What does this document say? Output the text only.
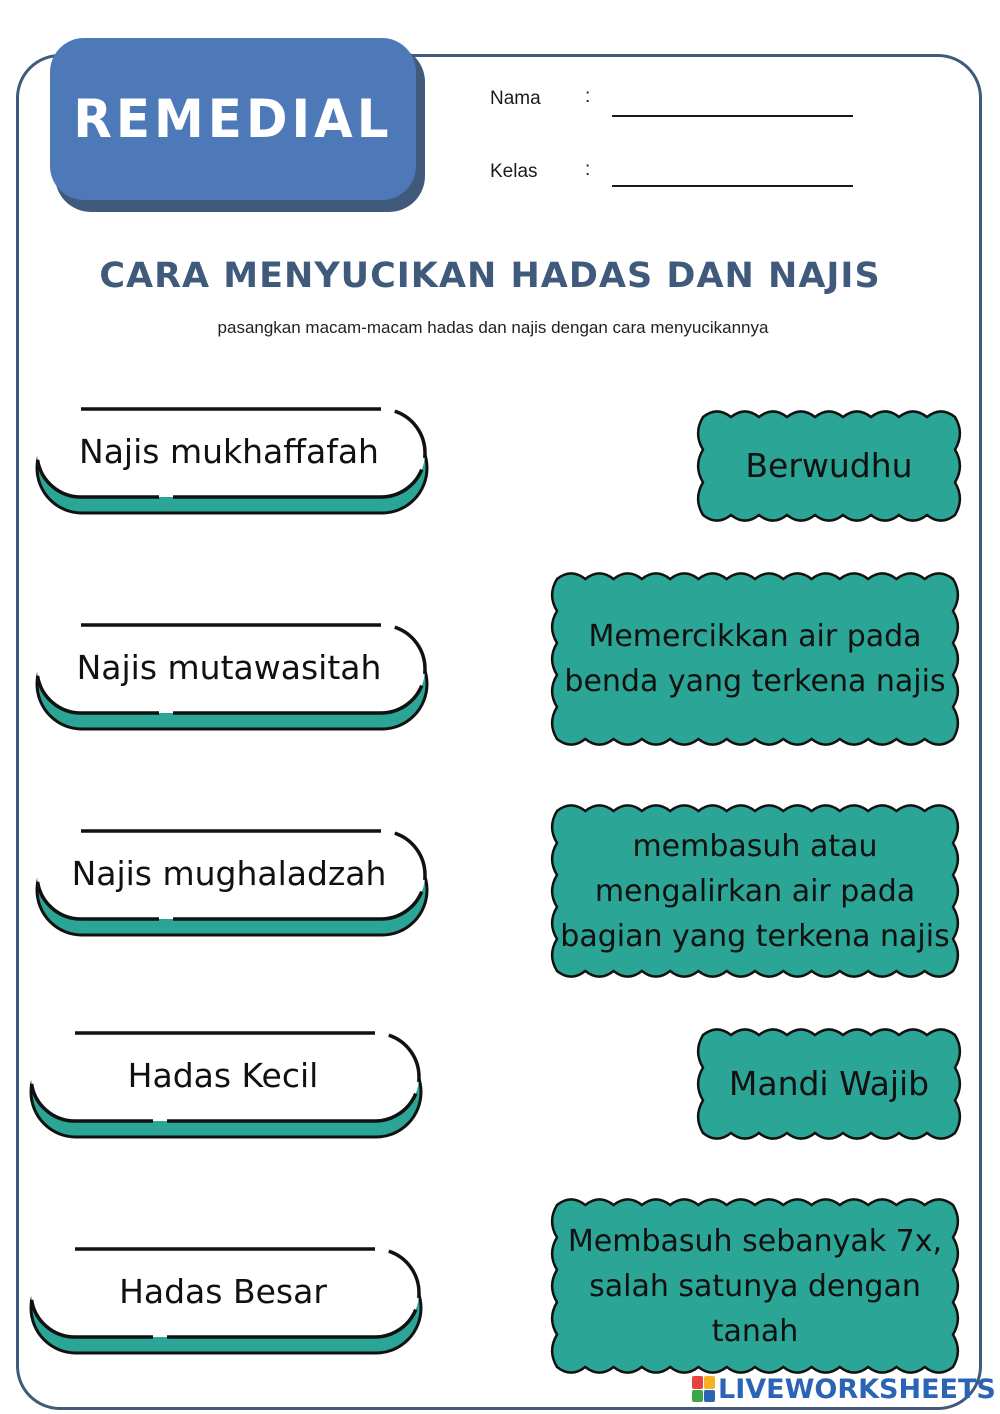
REMEDIAL	Nama :
Kelas :
CARA MENYUCIKAN HADAS DAN NAJIS
pasangkan macam-macam hadas dan najis dengan cara menyucikannya
Najis mukhaffafah
Najis mutawasitah
Najis mughaladzah
Hadas Kecil
Hadas Besar
Berwudhu
Memercikkan air pada
benda yang terkena najis
membasuh atau
mengalirkan air pada
bagian yang terkena najis
Mandi Wajib
Membasuh sebanyak 7x,
salah satunya dengan
tanah
LIVEWORKSHEETS
